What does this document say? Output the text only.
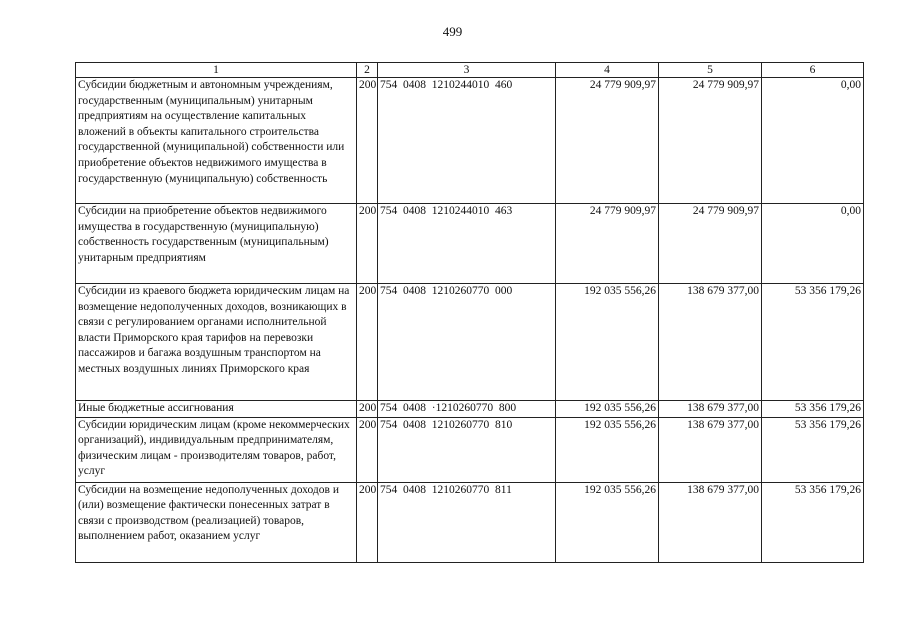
499
1	2	3	4	5	6
Субсидии бюджетным и автономным учреждениям, государственным (муниципальным) унитарным предприятиям на осуществление капитальных вложений в объекты капитального строительства государственной (муниципальной) собственности или приобретение объектов недвижимого имущества в государственную (муниципальную) собственность	200	754  0408  1210244010  460	24 779 909,97	24 779 909,97	0,00
Субсидии на приобретение объектов недвижимого имущества в государственную (муниципальную) собственность государственным (муниципальным) унитарным предприятиям	200	754  0408  1210244010  463	24 779 909,97	24 779 909,97	0,00
Субсидии из краевого бюджета юридическим лицам на возмещение недополученных доходов, возникающих в связи с регулированием органами исполнительной власти Приморского края тарифов на перевозки пассажиров и багажа воздушным транспортом на местных воздушных линиях Приморского края	200	754  0408  1210260770  000	192 035 556,26	138 679 377,00	53 356 179,26
Иные бюджетные ассигнования	200	754  0408  ·1210260770  800	192 035 556,26	138 679 377,00	53 356 179,26
Субсидии юридическим лицам (кроме некоммерческих организаций), индивидуальным предпринимателям, физическим лицам - производителям товаров, работ, услуг	200	754  0408  1210260770  810	192 035 556,26	138 679 377,00	53 356 179,26
Субсидии на возмещение недополученных доходов и (или) возмещение фактически понесенных затрат в связи с производством (реализацией) товаров, выполнением работ, оказанием услуг	200	754  0408  1210260770  811	192 035 556,26	138 679 377,00	53 356 179,26
